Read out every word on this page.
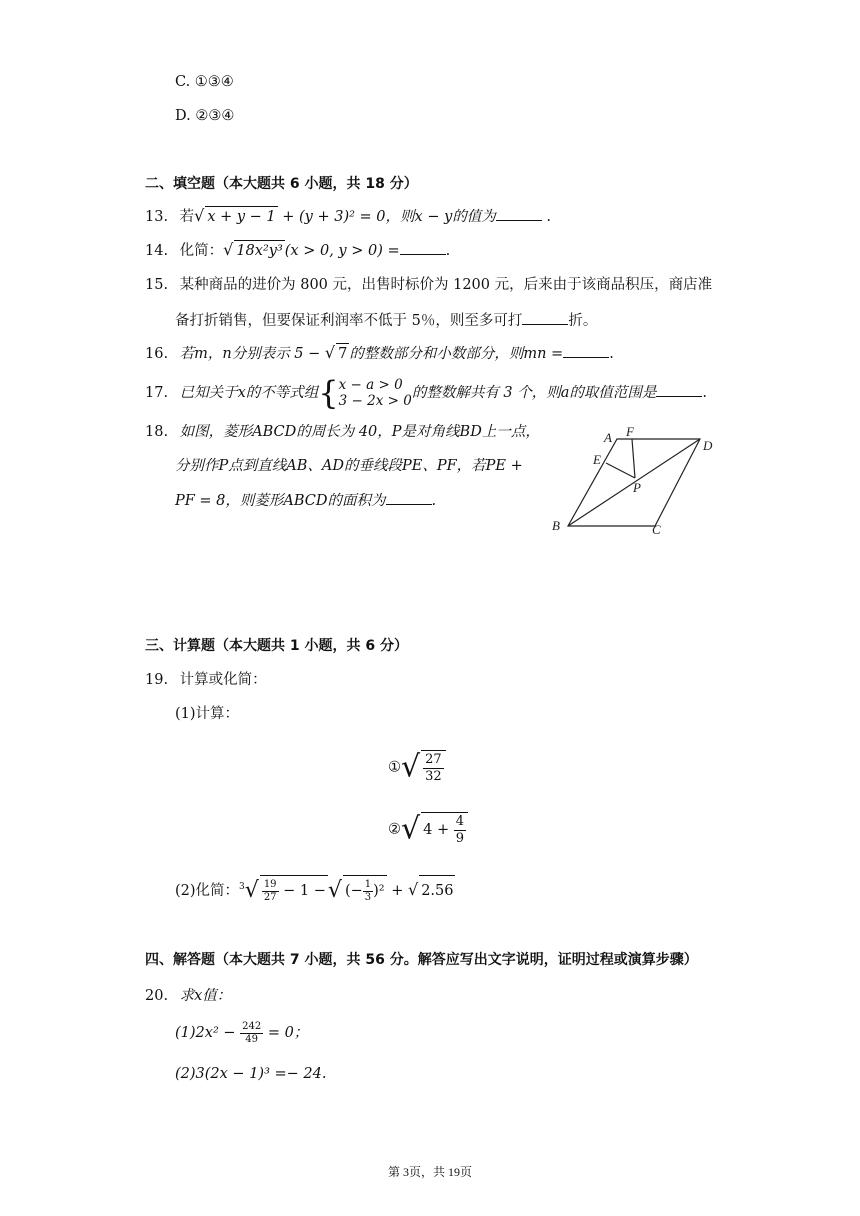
C. ①③④
D. ②③④
二、填空题（本大题共 6 小题，共 18 分）
13. 若√ x + y − 1 + (y + 3)² = 0，则x − y的值为	.
14. 化简：√ 18x²y³ (x > 0, y > 0) =	.
15. 某种商品的进价为 800 元，出售时标价为 1200 元，后来由于该商品积压，商店准
备打折销售，但要保证利润率不低于 5％，则至多可打	折。
16. 若m，n分别表示 5 − √ 7 的整数部分和小数部分，则mn =	.
17. 已知关于x的不等式组{ x − a > 0
3 − 2x > 0 的整数解共有 3 个，则a的取值范围是	.
18. 如图，菱形ABCD的周长为 40，P是对角线BD上一点，
分别作P点到直线AB、AD的垂线段PE、PF，若PE +
PF = 8，则菱形ABCD的面积为	.
A F
D
E
P
B	C
三、计算题（本大题共 1 小题，共 6 分）
19. 计算或化简：
(1)计算：
①√ $\frac{27}{32}$
②√ $4 + \frac{4}{9}$
(2)化简：$^3√ \frac{19}{27} - 1$ −√ (− $\frac{1}{3} )^2$ + √ 2.56
四、解答题（本大题共 7 小题，共 56 分。解答应写出文字说明，证明过程或演算步骤）
20. 求x值：
$(1)2x^2 - \frac{242}{49} = 0$；
(2)3(2x − 1)³ =− 24.
第 3页，共 19页
